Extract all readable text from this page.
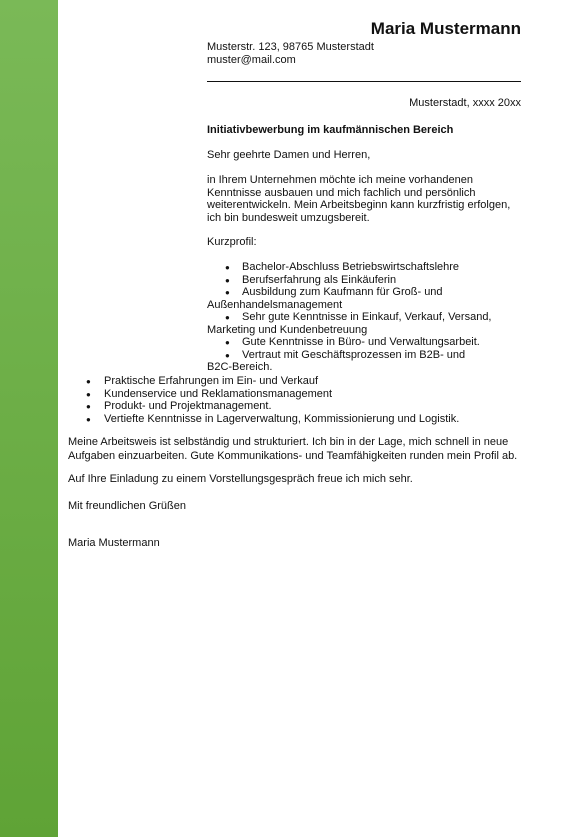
Maria Mustermann
Musterstr. 123, 98765 Musterstadt
muster@mail.com
Musterstadt, xxxx 20xx
Initiativbewerbung im kaufmännischen Bereich
Sehr geehrte Damen und Herren,
in Ihrem Unternehmen möchte ich meine vorhandenen
Kenntnisse ausbauen und mich fachlich und persönlich
weiterentwickeln. Mein Arbeitsbeginn kann kurzfristig erfolgen,
ich bin bundesweit umzugsbereit.
Kurzprofil:
● Bachelor-Abschluss Betriebswirtschaftslehre
● Berufserfahrung als Einkäuferin
● Ausbildung zum Kaufmann für Groß- und
Außenhandelsmanagement
● Sehr gute Kenntnisse in Einkauf, Verkauf, Versand,
Marketing und Kundenbetreuung
● Gute Kenntnisse in Büro- und Verwaltungsarbeit.
● Vertraut mit Geschäftsprozessen im B2B- und
B2C-Bereich.
● Praktische Erfahrungen im Ein- und Verkauf
● Kundenservice und Reklamationsmanagement
● Produkt- und Projektmanagement.
● Vertiefte Kenntnisse in Lagerverwaltung, Kommissionierung und Logistik.
Meine Arbeitsweis ist selbständig und strukturiert. Ich bin in der Lage, mich schnell in neue
Aufgaben einzuarbeiten. Gute Kommunikations- und Teamfähigkeiten runden mein Profil ab.
Auf Ihre Einladung zu einem Vorstellungsgespräch freue ich mich sehr.
Mit freundlichen Grüßen
Maria Mustermann
